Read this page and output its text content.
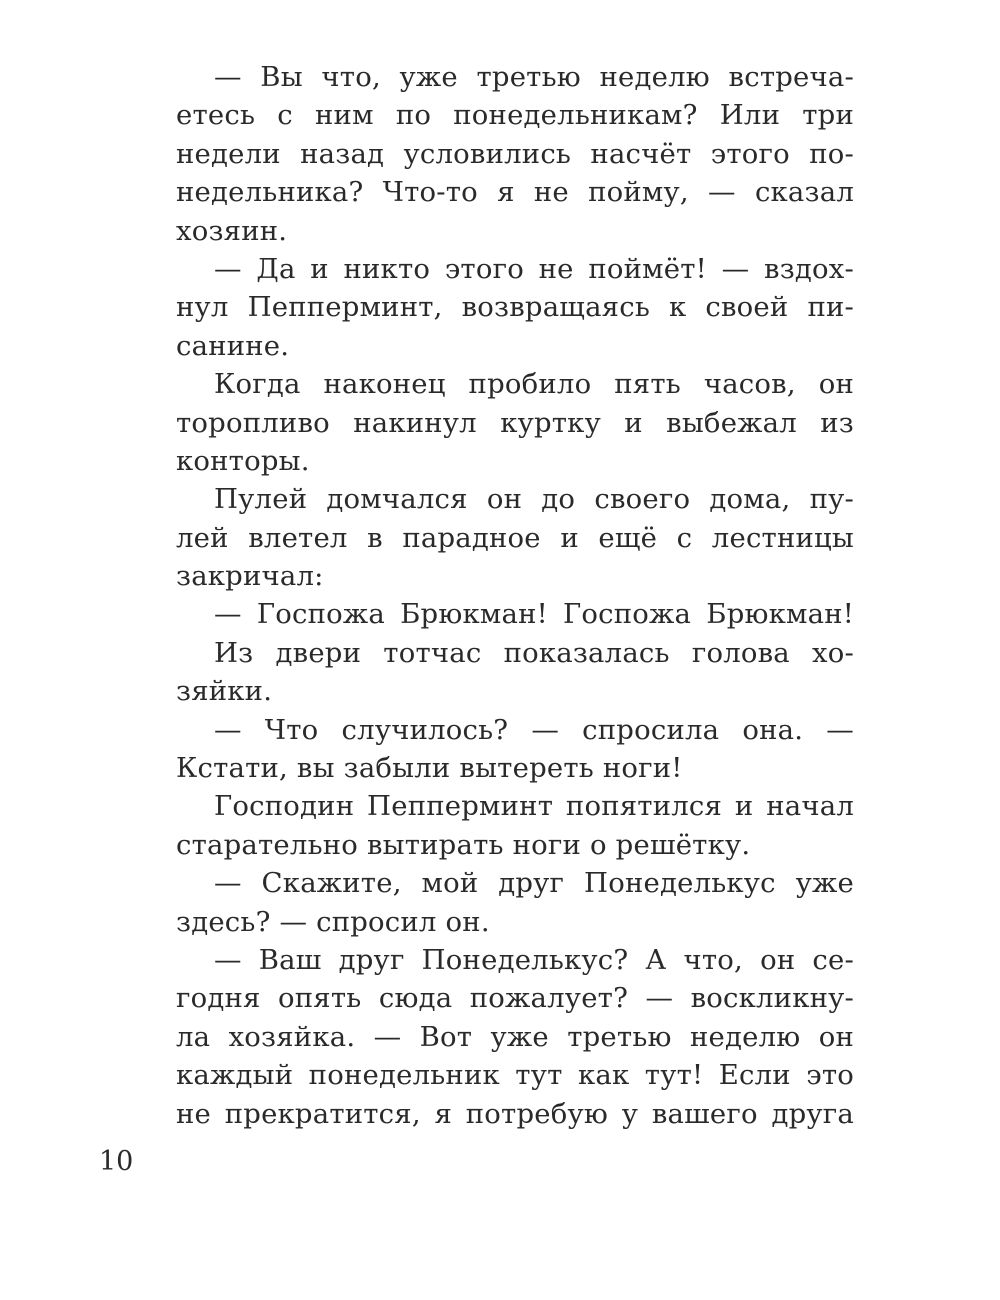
— Вы что, уже третью неделю встреча-
етесь с ним по понедельникам? Или три
недели назад условились насчёт этого по-
недельника? Что-то я не пойму, — сказал
хозяин.
— Да и никто этого не поймёт! — вздох-
нул Пепперминт, возвращаясь к своей пи-
санине.
Когда наконец пробило пять часов, он
торопливо накинул куртку и выбежал из
конторы.
Пулей домчался он до своего дома, пу-
лей влетел в парадное и ещё с лестницы
закричал:
— Госпожа Брюкман! Госпожа Брюкман!
Из двери тотчас показалась голова хо-
зяйки.
— Что случилось? — спросила она. —
Кстати, вы забыли вытереть ноги!
Господин Пепперминт попятился и начал
старательно вытирать ноги о решётку.
— Скажите, мой друг Понеделькус уже
здесь? — спросил он.
— Ваш друг Понеделькус? А что, он се-
годня опять сюда пожалует? — воскликну-
ла хозяйка. — Вот уже третью неделю он
каждый понедельник тут как тут! Если это
не прекратится, я потребую у вашего друга
10
